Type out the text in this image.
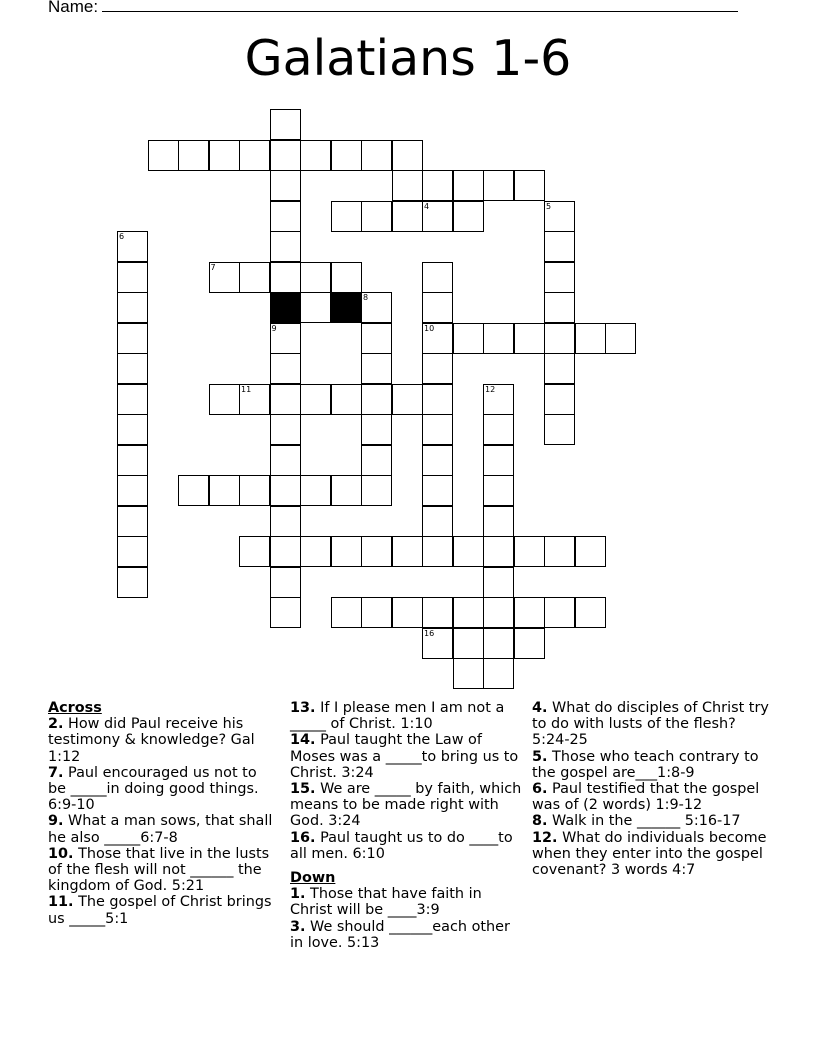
Name:
Galatians 1-6
9
4
10
5
6
7
8
11	12
16
Across
2. How did Paul receive his testimony & knowledge? Gal 1:12
7. Paul encouraged us not to be _____in doing good things. 6:9-10
9. What a man sows, that shall he also _____6:7-8
10. Those that live in the lusts of the flesh will not ______ the kingdom of God. 5:21
11. The gospel of Christ brings us _____5:1
13. If I please men I am not a _____ of Christ. 1:10
14. Paul taught the Law of Moses was a _____to bring us to Christ. 3:24
15. We are _____ by faith, which means to be made right with God. 3:24
16. Paul taught us to do ____to all men. 6:10
Down
1. Those that have faith in Christ will be ____3:9
3. We should ______each other in love. 5:13
4. What do disciples of Christ try to do with lusts of the flesh? 5:24-25
5. Those who teach contrary to the gospel are___1:8-9
6. Paul testified that the gospel was of (2 words) 1:9-12
8. Walk in the ______ 5:16-17
12. What do individuals become when they enter into the gospel covenant? 3 words 4:7
